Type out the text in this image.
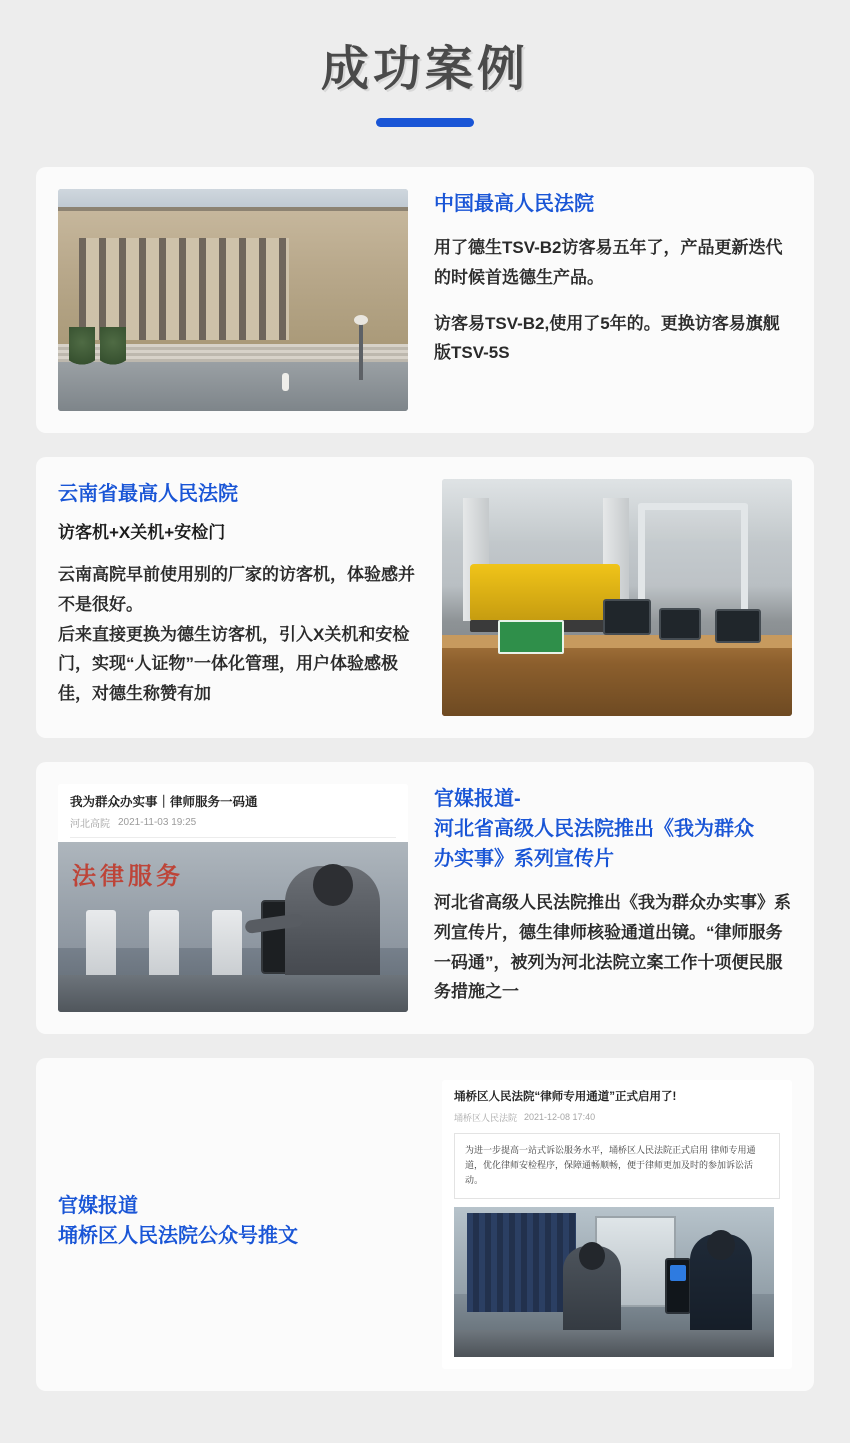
成功案例
中国最高人民法院

用了德生TSV-B2访客易五年了，产品更新迭代的时候首选德生产品。

访客易TSV-B2,使用了5年的。更换访客易旗舰版TSV-5S

云南省最高人民法院
访客机+X关机+安检门

云南高院早前使用别的厂家的访客机，体验感并不是很好。

后来直接更换为德生访客机，引入X关机和安检门，实现“人证物”一体化管理，用户体验感极佳，对德生称赞有加

我为群众办实事｜律师服务一码通
河北高院 2021-11-03 19:25
法律服务
官媒报道-
河北省高级人民法院推出《我为群众
办实事》系列宣传片

河北省高级人民法院推出《我为群众办实事》系列宣传片，德生律师核验通道出镜。“律师服务一码通”，被列为河北法院立案工作十项便民服务措施之一

官媒报道
埇桥区人民法院公众号推文
埇桥区人民法院“律师专用通道”正式启用了!
埇桥区人民法院 2021-12-08 17:40
为进一步提高一站式诉讼服务水平，埇桥区人民法院正式启用 律师专用通道，优化律师安检程序，保障通畅顺畅，便于律师更加及时的参加诉讼活动。
